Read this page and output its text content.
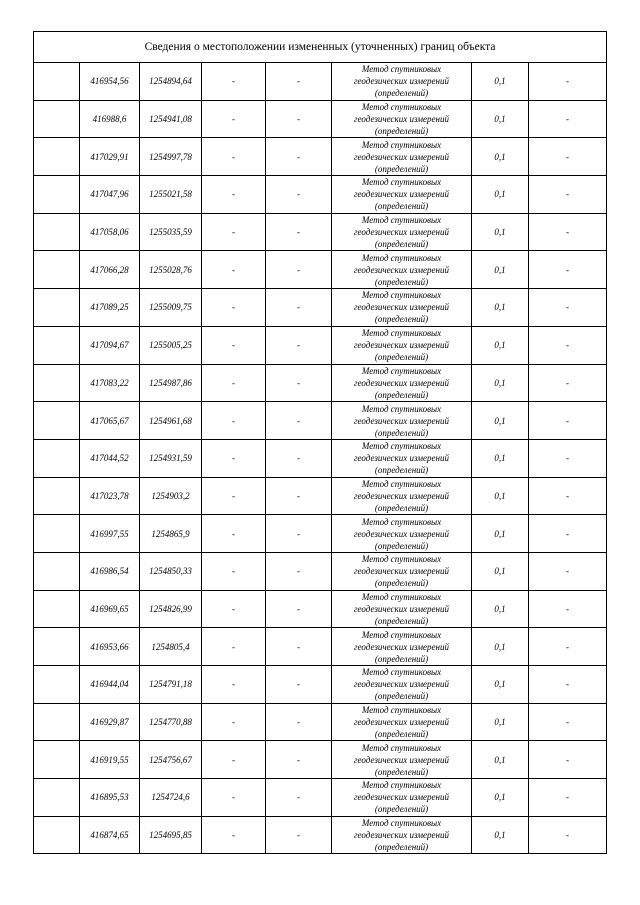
Сведения о местоположении измененных (уточненных) границ объекта							
	416954,56	1254894,64	-	-	Метод спутниковых
геодезических измерений
(определений)	0,1	-
	416988,6	1254941,08	-	-	Метод спутниковых
геодезических измерений
(определений)	0,1	-
	417029,91	1254997,78	-	-	Метод спутниковых
геодезических измерений
(определений)	0,1	-
	417047,96	1255021,58	-	-	Метод спутниковых
геодезических измерений
(определений)	0,1	-
	417058,06	1255035,59	-	-	Метод спутниковых
геодезических измерений
(определений)	0,1	-
	417066,28	1255028,76	-	-	Метод спутниковых
геодезических измерений
(определений)	0,1	-
	417089,25	1255009,75	-	-	Метод спутниковых
геодезических измерений
(определений)	0,1	-
	417094,67	1255005,25	-	-	Метод спутниковых
геодезических измерений
(определений)	0,1	-
	417083,22	1254987,86	-	-	Метод спутниковых
геодезических измерений
(определений)	0,1	-
	417065,67	1254961,68	-	-	Метод спутниковых
геодезических измерений
(определений)	0,1	-
	417044,52	1254931,59	-	-	Метод спутниковых
геодезических измерений
(определений)	0,1	-
	417023,78	1254903,2	-	-	Метод спутниковых
геодезических измерений
(определений)	0,1	-
	416997,55	1254865,9	-	-	Метод спутниковых
геодезических измерений
(определений)	0,1	-
	416986,54	1254850,33	-	-	Метод спутниковых
геодезических измерений
(определений)	0,1	-
	416969,65	1254826,99	-	-	Метод спутниковых
геодезических измерений
(определений)	0,1	-
	416953,66	1254805,4	-	-	Метод спутниковых
геодезических измерений
(определений)	0,1	-
	416944,04	1254791,18	-	-	Метод спутниковых
геодезических измерений
(определений)	0,1	-
	416929,87	1254770,88	-	-	Метод спутниковых
геодезических измерений
(определений)	0,1	-
	416919,55	1254756,67	-	-	Метод спутниковых
геодезических измерений
(определений)	0,1	-
	416895,53	1254724,6	-	-	Метод спутниковых
геодезических измерений
(определений)	0,1	-
	416874,65	1254695,85	-	-	Метод спутниковых
геодезических измерений
(определений)	0,1	-
